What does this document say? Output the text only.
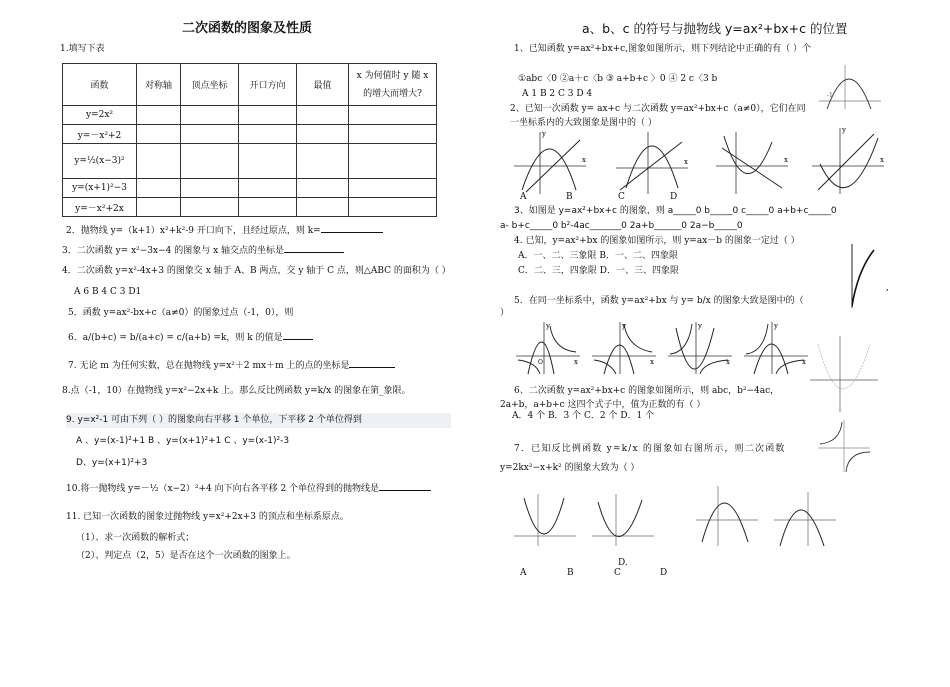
二次函数的图象及性质
1.填写下表
函数	对称轴	顶点坐标	开口方向	最值	x 为何值时 y 随 x
的增大而增大?
y=2x²					
y=－x²+2					
y=½(x−3)²					
y=(x+1)²−3					
y=－x²+2x					
2．抛物线 y=（k+1）x²+k²-9 开口向下，且经过原点，则 k=
3．二次函数 y= x²−3x−4 的图象与 x 轴交点的坐标是
4．二次函数 y=x²-4x+3 的图象交 x 轴于 A、B 两点，交 y 轴于 C 点，则△ABC 的面积为（ ）
A 6 B 4 C 3 D1
5．函数 y=ax²-bx+c（a≠0）的图象过点（-1，0），则
6．a/(b+c) = b/(a+c) = c/(a+b) =k，则 k 的值是
7. 无论 m 为任何实数，总在抛物线 y=x²＋2 mx＋m 上的点的坐标是
8.点（-1，10）在抛物线 y=x²−2x+k 上。那么反比例函数 y=k/x 的图象在第_象限。
9. y=x²-1 可由下列（ ）的图象向右平移 1 个单位，下平移 2 个单位得到
A 、y=(x-1)²+1 B 、y=(x+1)²+1 C 、y=(x-1)²-3
D、y=(x+1)²+3
10.将一抛物线 y=－½（x−2）²+4 向下向右各平移 2 个单位得到的抛物线是
11. 已知一次函数的图象过抛物线 y=x²+2x+3 的顶点和坐标系原点。
（1）、求一次函数的解析式；
（2）、判定点（2，5）是否在这个一次函数的图象上。
a、b、c 的符号与抛物线 y=ax²+bx+c 的位置
1、已知函数 y=ax²+bx+c,图象如图所示，则下列结论中正确的有（ ）个
①abc〈0 ②a＋c〈b ③ a+b+c 〉0 ④ 2 c〈3 b
A 1 B 2 C 3 D 4	-1
2、已知一次函数 y= ax+c 与二次函数 y=ax²+bx+c（a≠0），它们在同
一坐标系内的大致图象是图中的（ ）
x
y
x	x	x
y
A	B	C	D
3、如图是 y=ax²+bx+c 的图象，则 a_____0 b_____0 c_____0 a+b+c_____0
a- b+c_____0 b²-4ac_______0 2a+b______0 2a−b_____0
4. 已知，y=ax²+bx 的图象如图所示，则 y=ax－b 的图象一定过（ ）
A．一、二、三象限 B．一、二、四象限
C．二、三，四象限 D．一、三、四象限
,
5．在同一坐标系中，函数 y=ax²+bx 与 y= b/x 的图象大致是图中的（
）
y
x
O
y
x
y
x
y
x
6、二次函数 y=ax²+bx+c 的图象如图所示，则 abc，b²−4ac，
2a+b，a+b+c 这四个式子中，值为正数的有（ ）
A．4 个 B．3 个 C．2 个 D．1 个
7．已知反比例函数 y=k/x 的图象如右图所示，则二次函数
y=2kx²−x+k² 的图象大致为（ ）
D.
A	B	C	D
